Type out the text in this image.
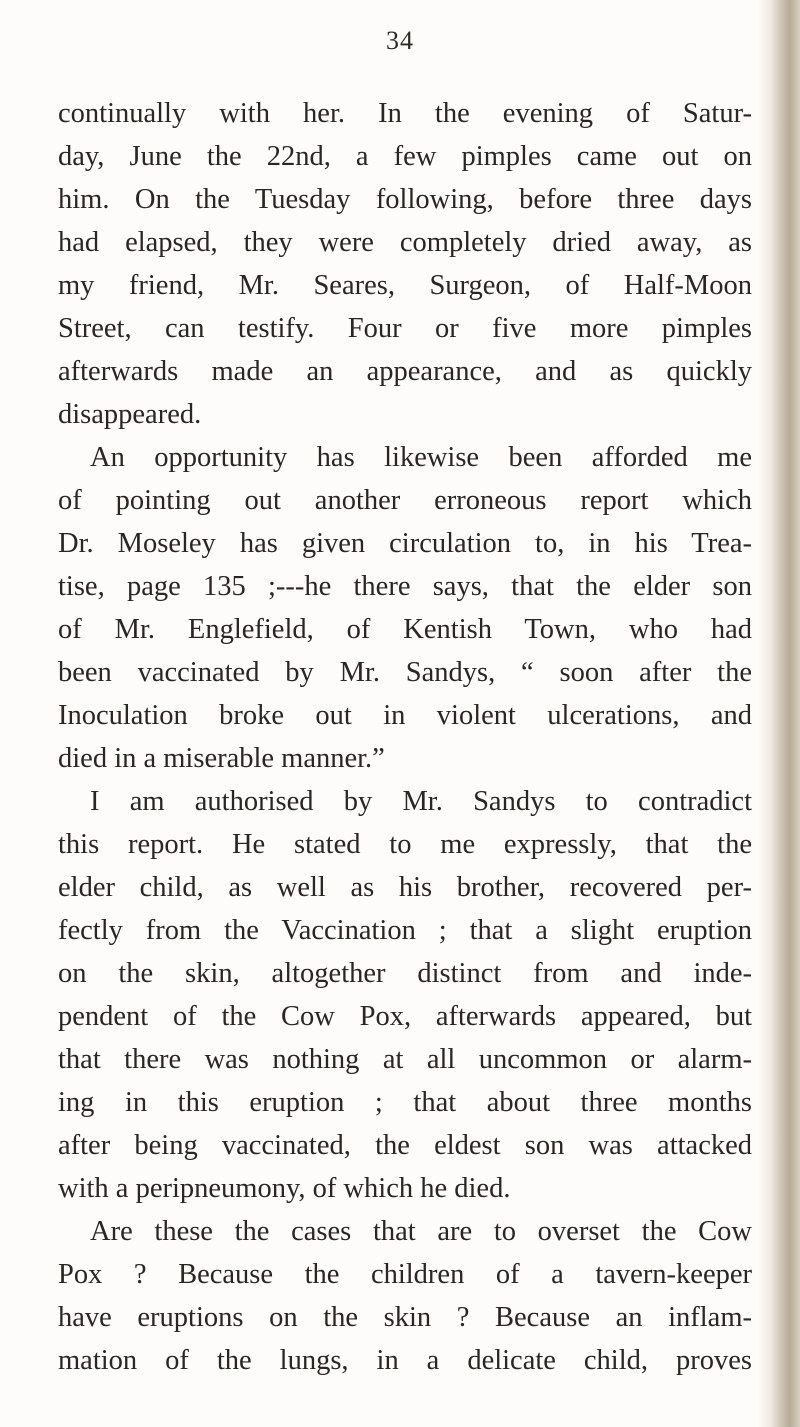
34
continually with her. In the evening of Satur-
day, June the 22nd, a few pimples came out on
him. On the Tuesday following, before three days
had elapsed, they were completely dried away, as
my friend, Mr. Seares, Surgeon, of Half-Moon
Street, can testify. Four or five more pimples
afterwards made an appearance, and as quickly
disappeared.
An opportunity has likewise been afforded me
of pointing out another erroneous report which
Dr. Moseley has given circulation to, in his Trea-
tise, page 135 ;---he there says, that the elder son
of Mr. Englefield, of Kentish Town, who had
been vaccinated by Mr. Sandys, “ soon after the
Inoculation broke out in violent ulcerations, and
died in a miserable manner.”
I am authorised by Mr. Sandys to contradict
this report. He stated to me expressly, that the
elder child, as well as his brother, recovered per-
fectly from the Vaccination ; that a slight eruption
on the skin, altogether distinct from and inde-
pendent of the Cow Pox, afterwards appeared, but
that there was nothing at all uncommon or alarm-
ing in this eruption ; that about three months
after being vaccinated, the eldest son was attacked
with a peripneumony, of which he died.
Are these the cases that are to overset the Cow
Pox ? Because the children of a tavern-keeper
have eruptions on the skin ? Because an inflam-
mation of the lungs, in a delicate child, proves
